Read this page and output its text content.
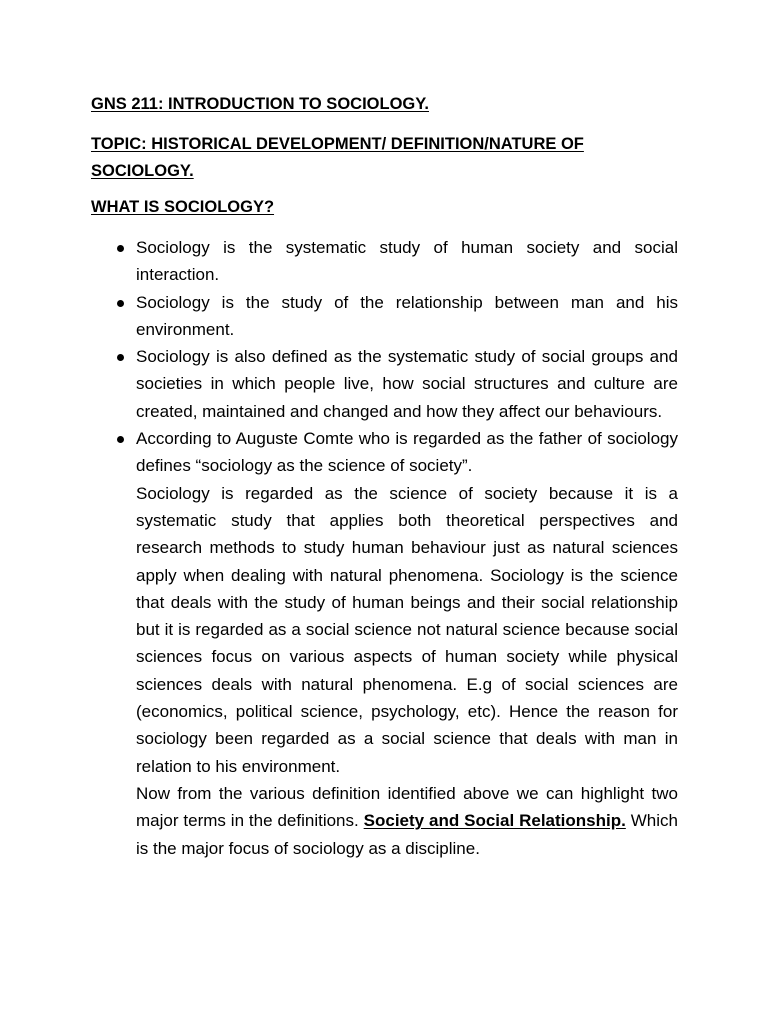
GNS 211: INTRODUCTION TO SOCIOLOGY.

TOPIC: HISTORICAL DEVELOPMENT/ DEFINITION/NATURE OF SOCIOLOGY.

WHAT IS SOCIOLOGY?

Sociology is the systematic study of human society and social interaction.
Sociology is the study of the relationship between man and his environment.
Sociology is also defined as the systematic study of social groups and societies in which people live, how social structures and culture are created, maintained and changed and how they affect our behaviours.
According to Auguste Comte who is regarded as the father of sociology defines “sociology as the science of society”.

Sociology is regarded as the science of society because it is a systematic study that applies both theoretical perspectives and research methods to study human behaviour just as natural sciences apply when dealing with natural phenomena. Sociology is the science that deals with the study of human beings and their social relationship but it is regarded as a social science not natural science because social sciences focus on various aspects of human society while physical sciences deals with natural phenomena. E.g of social sciences are (economics, political science, psychology, etc). Hence the reason for sociology been regarded as a social science that deals with man in relation to his environment.

Now from the various definition identified above we can highlight two major terms in the definitions. Society and Social Relationship. Which is the major focus of sociology as a discipline.
